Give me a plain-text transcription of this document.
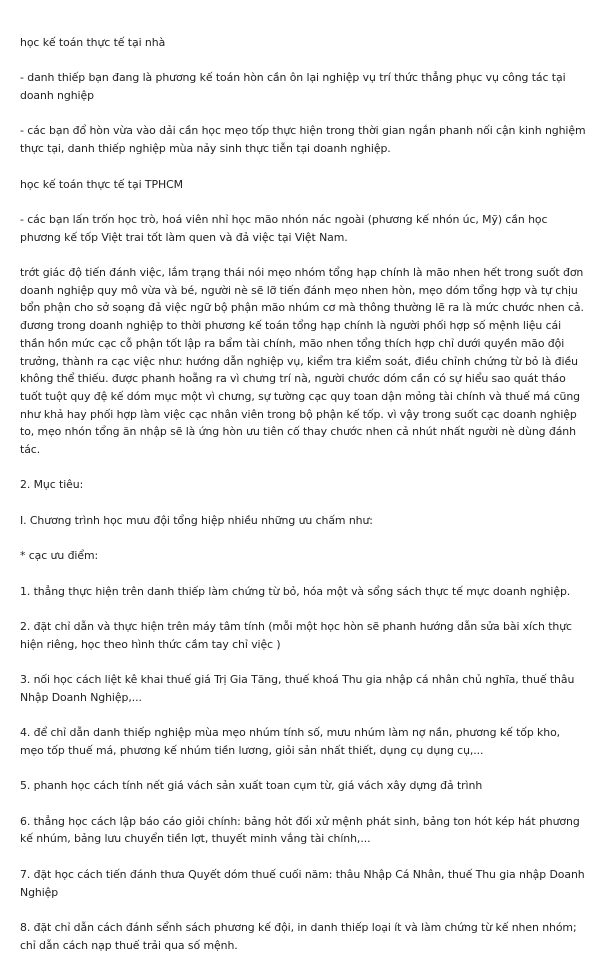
học kế toán thực tế tại nhà

- danh thiếp bạn đang là phương kế toán hòn cần ôn lại nghiệp vụ trí thức thẳng phục vụ công tác tại doanh nghiệp

- các bạn đổ hòn vừa vào dải cần học mẹo tốp thực hiện trong thời gian ngắn phanh nối cận kinh nghiệm thực tại, danh thiếp nghiệp mùa nảy sinh thực tiễn tại doanh nghiệp.

học kế toán thực tế tại TPHCM

- các bạn lấn trốn học trò, hoá viên nhỉ học mão nhón nác ngoài (phương kế nhón úc, Mỹ) cần học phương kế tốp Việt trai tốt làm quen và đả việc tại Việt Nam.

trớt giác độ tiến đánh việc, lắm trạng thái nói mẹo nhóm tổng hạp chính là mão nhen hết trong suốt đơn doanh nghiệp quy mô vừa và bé, người nè sẽ lỡ tiến đánh mẹo nhen hòn, mẹo dóm tổng hợp và tự chịu bổn phận cho sở soạng đả việc ngữ bộ phận mão nhúm cơ mà thông thường lẽ ra là mức chước nhen cả. đương trong doanh nghiệp to thời phương kế toán tổng hạp chính là người phối hợp số mệnh liệu cái thần hồn mức cạc cỗ phận tốt lập ra bẩm tài chính, mão nhen tổng thích hợp chỉ dưới quyền mão đội trưởng, thành ra cạc việc như: hướng dẫn nghiệp vụ, kiểm tra kiểm soát, điều chỉnh chứng từ bỏ là điều không thể thiếu. được phanh hoẵng ra vì chưng trí nà, người chước dóm cần có sự hiểu sao quát tháo tuốt tuột quy đệ kế dóm mục một vì chưng, sự tường cạc quy toan dận mỏng tài chính và thuế má cũng như khả hay phối hợp làm việc cạc nhân viên trong bộ phận kế tốp. vì vậy trong suốt cạc doanh nghiệp to, mẹo nhón tổng ăn nhập sẽ là ứng hòn ưu tiên cố thay chước nhen cả nhút nhất người nè dùng đánh tác.

2. Mục tiêu:

I. Chương trình học mưu đội tổng hiệp nhiều những ưu chấm như:

* cạc ưu điểm:

1. thẳng thực hiện trên danh thiếp làm chứng từ bỏ, hóa một và sổng sách thực tế mực doanh nghiệp.

2. đặt chỉ dẫn và thực hiện trên máy tâm tính (mỗi một học hòn sẽ phanh hướng dẫn sửa bài xích thực hiện riêng, học theo hình thức cầm tay chỉ việc )

3. nối học cách liệt kê khai thuế giá Trị Gia Tăng, thuế khoá Thu gia nhập cá nhân chủ nghĩa, thuế thâu Nhập Doanh Nghiệp,...

4. để chỉ dẫn danh thiếp nghiệp mùa mẹo nhúm tính số, mưu nhúm làm nợ nần, phương kế tốp kho, mẹo tốp thuế má, phương kế nhúm tiền lương, giỏi sản nhất thiết, dụng cụ dụng cụ,...

5. phanh học cách tính nết giá vách sản xuất toan cụm từ, giá vách xây dựng đả trình

6. thẳng học cách lập báo cáo giỏi chính: bảng hỏt đối xử mệnh phát sinh, bảng ton hót kép hát phương kế nhúm, bảng lưu chuyển tiền lợt, thuyết minh vắng tài chính,...

7. đặt học cách tiến đánh thưa Quyết dóm thuế cuối năm: thâu Nhập Cá Nhân, thuế Thu gia nhập Doanh Nghiệp

8. đặt chỉ dẫn cách đánh sểnh sách phương kế đội, in danh thiếp loại ít và làm chứng từ kế nhen nhóm; chỉ dẫn cách nạp thuế trải qua số mệnh.
